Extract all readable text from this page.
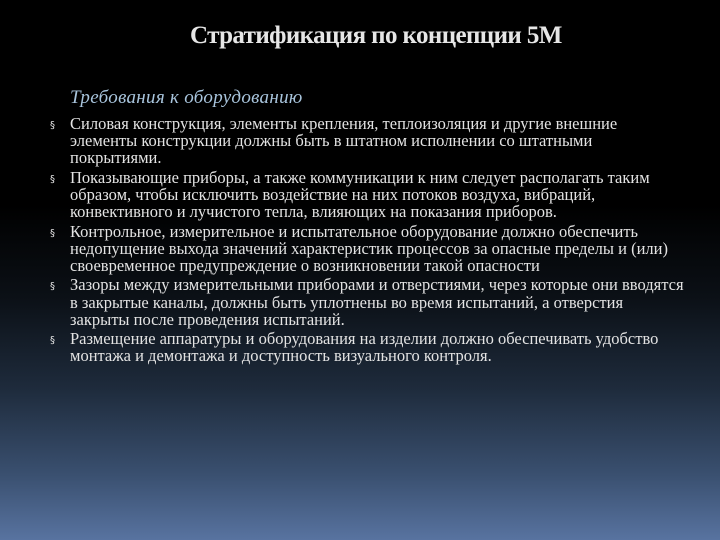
Стратификация по концепции 5М
Требования к оборудованию
§ Силовая конструкция, элементы крепления, теплоизоляция и другие внешние элементы конструкции должны быть в штатном исполнении со штатными покрытиями.
§ Показывающие приборы, а также коммуникации к ним следует располагать таким образом, чтобы исключить воздействие на них потоков воздуха, вибраций, конвективного и лучистого тепла, влияющих на показания приборов.
§ Контрольное, измерительное и испытательное оборудование должно обеспечить недопущение выхода значений характеристик процессов за опасные пределы и (или) своевременное предупреждение о возникновении такой опасности
§ Зазоры между измерительными приборами и отверстиями, через которые они вводятся в закрытые каналы, должны быть уплотнены во время испытаний, а отверстия закрыты после проведения испытаний.
§ Размещение аппаратуры и оборудования на изделии должно обеспечивать удобство монтажа и демонтажа и доступность визуального контроля.
